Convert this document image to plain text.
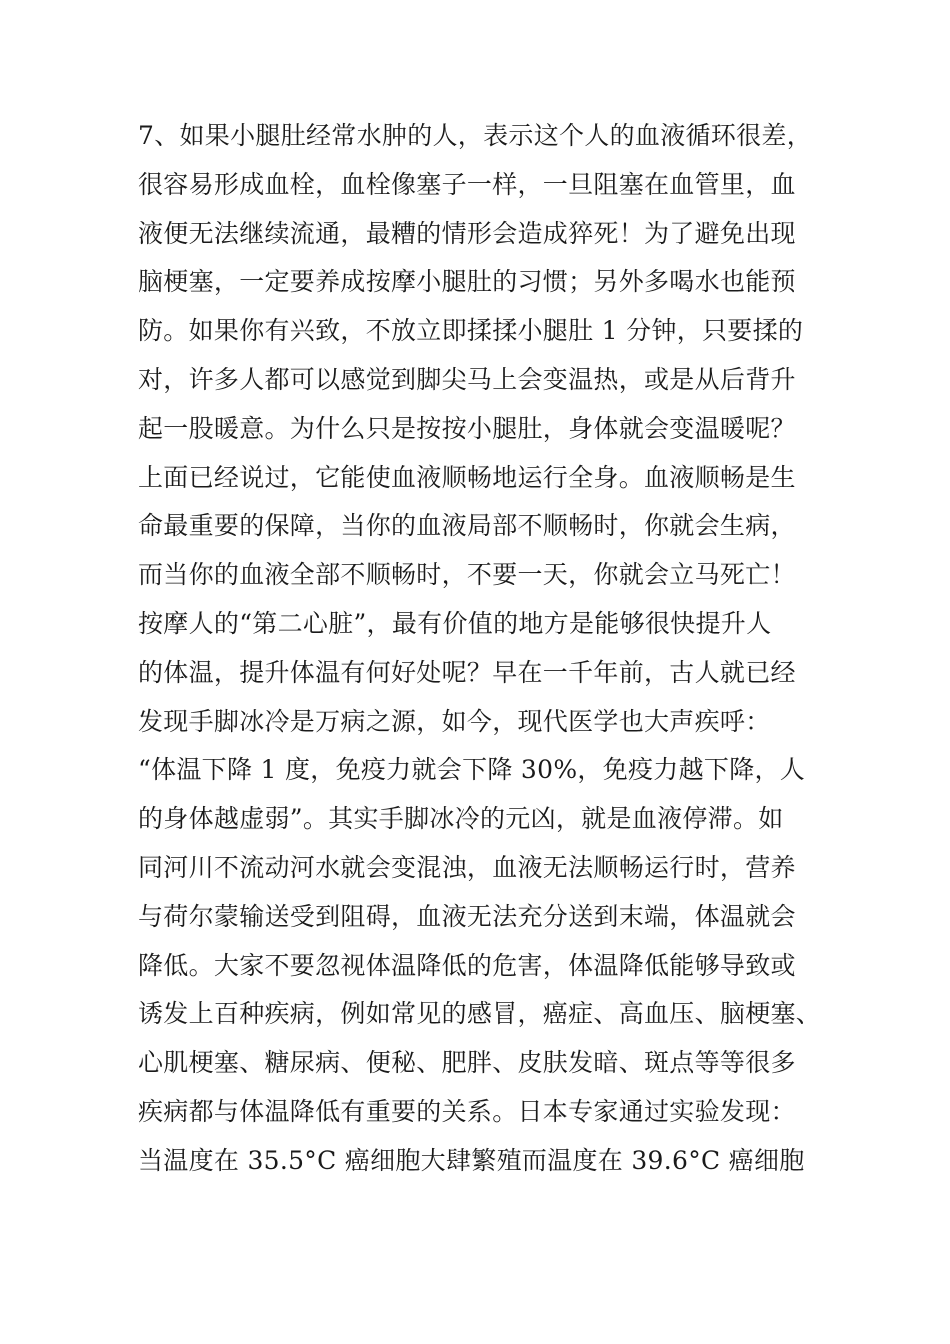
7、如果小腿肚经常水肿的人，表示这个人的血液循环很差，
很容易形成血栓，血栓像塞子一样，一旦阻塞在血管里，血
液便无法继续流通，最糟的情形会造成猝死！为了避免出现
脑梗塞，一定要养成按摩小腿肚的习惯；另外多喝水也能预
防。如果你有兴致，不放立即揉揉小腿肚 1 分钟，只要揉的
对，许多人都可以感觉到脚尖马上会变温热，或是从后背升
起一股暖意。为什么只是按按小腿肚，身体就会变温暖呢？
上面已经说过，它能使血液顺畅地运行全身。血液顺畅是生
命最重要的保障，当你的血液局部不顺畅时，你就会生病，
而当你的血液全部不顺畅时，不要一天，你就会立马死亡！
按摩人的“第二心脏”，最有价值的地方是能够很快提升人
的体温，提升体温有何好处呢？早在一千年前，古人就已经
发现手脚冰冷是万病之源，如今，现代医学也大声疾呼：
“体温下降 1 度，免疫力就会下降 30%，免疫力越下降，人
的身体越虚弱”。其实手脚冰冷的元凶，就是血液停滞。如
同河川不流动河水就会变混浊，血液无法顺畅运行时，营养
与荷尔蒙输送受到阻碍，血液无法充分送到末端，体温就会
降低。大家不要忽视体温降低的危害，体温降低能够导致或
诱发上百种疾病，例如常见的感冒，癌症、高血压、脑梗塞、
心肌梗塞、糖尿病、便秘、肥胖、皮肤发暗、斑点等等很多
疾病都与体温降低有重要的关系。日本专家通过实验发现：
当温度在 35.5°C 癌细胞大肆繁殖而温度在 39.6°C 癌细胞
